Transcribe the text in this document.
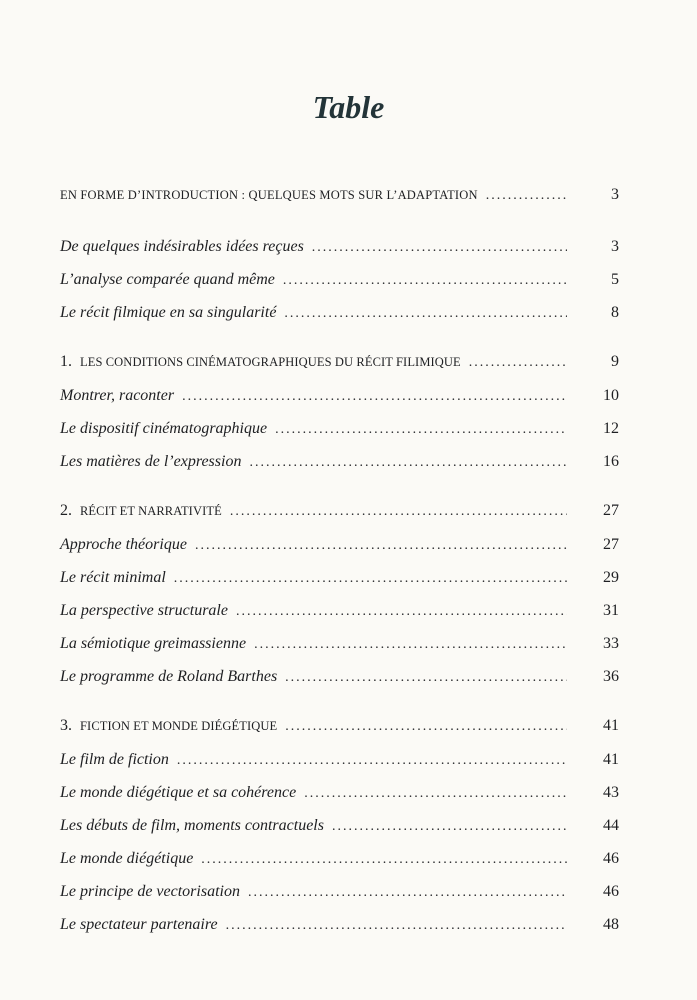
Table
EN FORME D’INTRODUCTION : QUELQUES MOTS SUR L’ADAPTATION .....	3
De quelques indésirables idées reçues .....	3
L’analyse comparée quand même .....	5
Le récit filmique en sa singularité .....	8
1. LES CONDITIONS CINÉMATOGRAPHIQUES DU RÉCIT FILIMIQUE .....	9
Montrer, raconter .....	10
Le dispositif cinématographique .....	12
Les matières de l’expression .....	16
2. RÉCIT ET NARRATIVITÉ .....	27
Approche théorique .....	27
Le récit minimal .....	29
La perspective structurale .....	31
La sémiotique greimassienne .....	33
Le programme de Roland Barthes .....	36
3. FICTION ET MONDE DIÉGÉTIQUE .....	41
Le film de fiction .....	41
Le monde diégétique et sa cohérence .....	43
Les débuts de film, moments contractuels .....	44
Le monde diégétique .....	46
Le principe de vectorisation .....	46
Le spectateur partenaire .....	48
